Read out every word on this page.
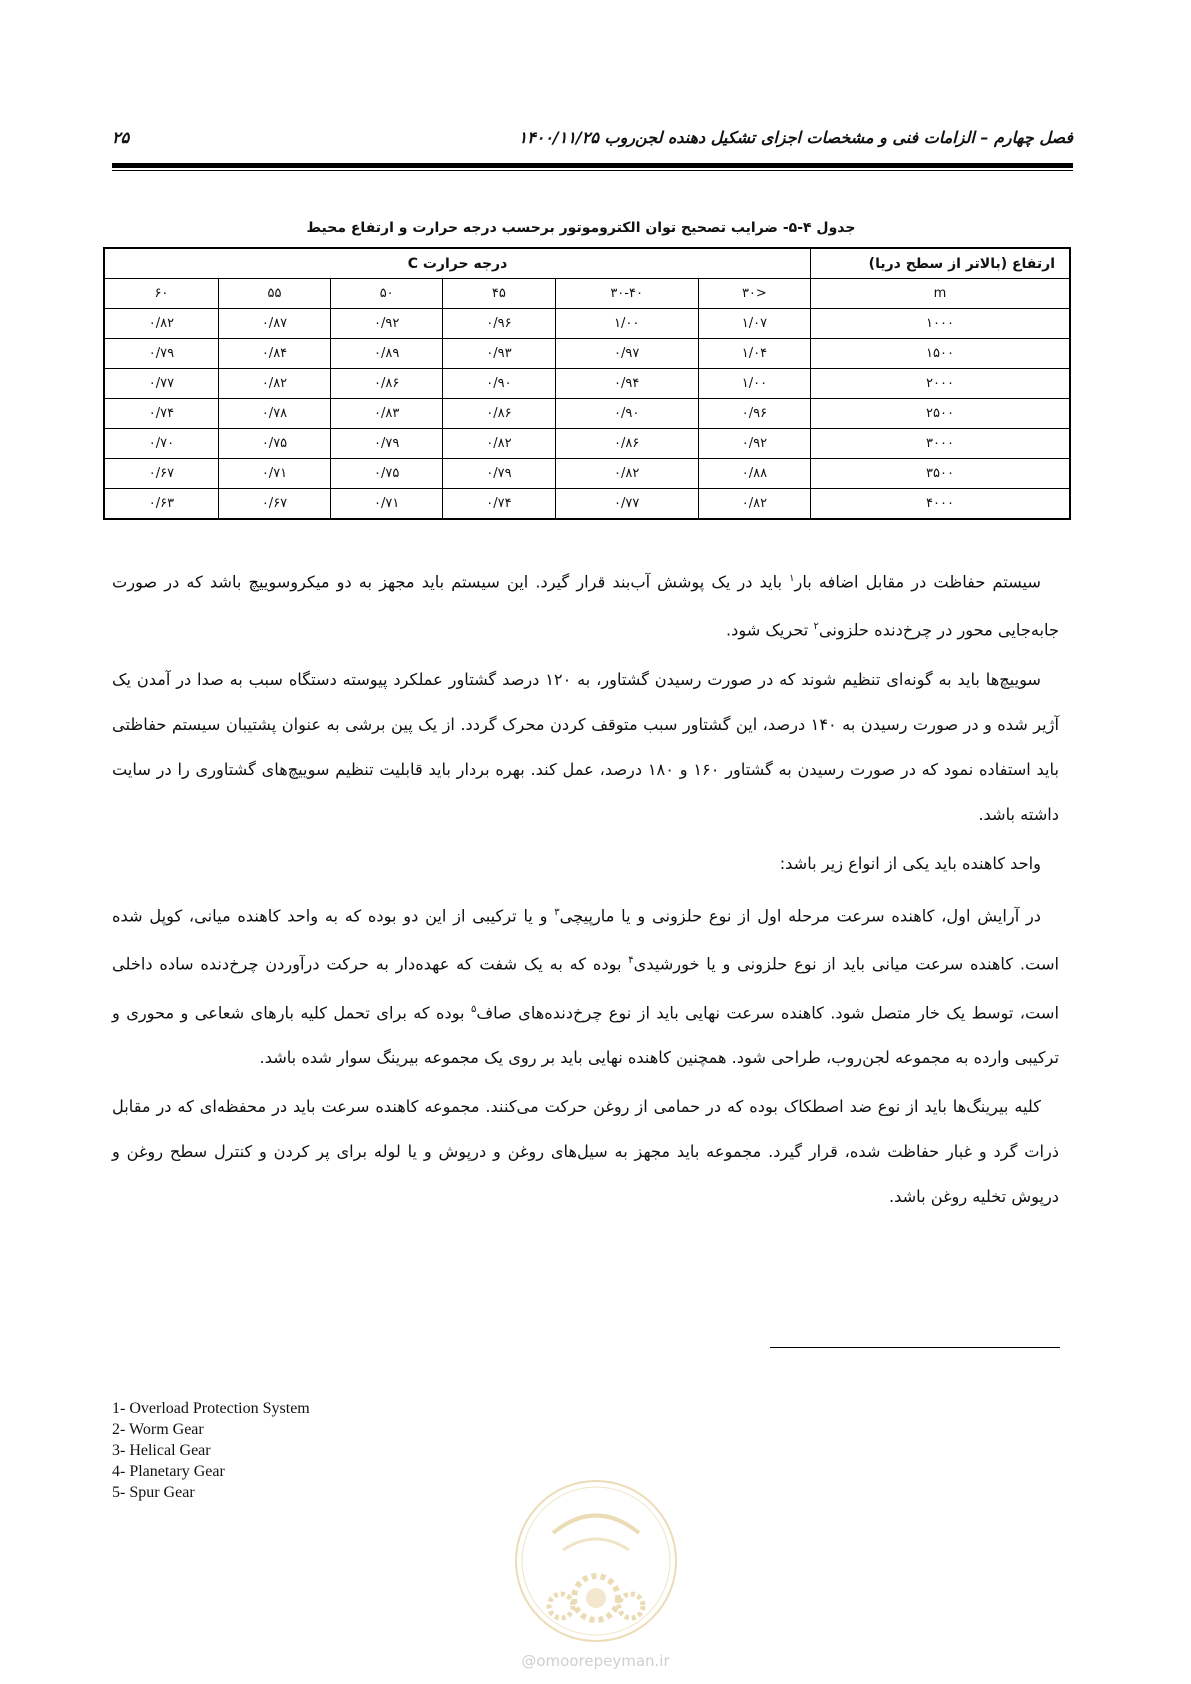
فصل چهارم – الزامات فنی و مشخصات اجزای تشکیل دهنده لجن‌روب ۱۴۰۰/۱۱/۲۵
۲۵
جدول ۴-۵- ضرایب تصحیح توان الکتروموتور برحسب درجه حرارت و ارتفاع محیط
ارتفاع (بالاتر از سطح دریا)	درجه حرارت C					
m	<۳۰	۳۰-۴۰	۴۵	۵۰	۵۵	۶۰
۱۰۰۰	۱/۰۷	۱/۰۰	۰/۹۶	۰/۹۲	۰/۸۷	۰/۸۲
۱۵۰۰	۱/۰۴	۰/۹۷	۰/۹۳	۰/۸۹	۰/۸۴	۰/۷۹
۲۰۰۰	۱/۰۰	۰/۹۴	۰/۹۰	۰/۸۶	۰/۸۲	۰/۷۷
۲۵۰۰	۰/۹۶	۰/۹۰	۰/۸۶	۰/۸۳	۰/۷۸	۰/۷۴
۳۰۰۰	۰/۹۲	۰/۸۶	۰/۸۲	۰/۷۹	۰/۷۵	۰/۷۰
۳۵۰۰	۰/۸۸	۰/۸۲	۰/۷۹	۰/۷۵	۰/۷۱	۰/۶۷
۴۰۰۰	۰/۸۲	۰/۷۷	۰/۷۴	۰/۷۱	۰/۶۷	۰/۶۳

سیستم حفاظت در مقابل اضافه بار$^۱$ باید در یک پوشش آب‌بند قرار گیرد. این سیستم باید مجهز به دو میکروسوییچ باشد که در صورت جابه‌جایی محور در چرخ‌دنده حلزونی$^۲$ تحریک شود.

سوییچ‌ها باید به گونه‌ای تنظیم شوند که در صورت رسیدن گشتاور، به ۱۲۰ درصد گشتاور عملکرد پیوسته دستگاه سبب به صدا در آمدن یک آژیر شده و در صورت رسیدن به ۱۴۰ درصد، این گشتاور سبب متوقف کردن محرک گردد. از یک پین برشی به عنوان پشتیبان سیستم حفاظتی باید استفاده نمود که در صورت رسیدن به گشتاور ۱۶۰ و ۱۸۰ درصد، عمل کند. بهره بردار باید قابلیت تنظیم سوییچ‌های گشتاوری را در سایت داشته باشد.

واحد کاهنده باید یکی از انواع زیر باشد:

در آرایش اول، کاهنده سرعت مرحله اول از نوع حلزونی و یا مارپیچی$^۳$ و یا ترکیبی از این دو بوده که به واحد کاهنده میانی، کوپل شده است. کاهنده سرعت میانی باید از نوع حلزونی و یا خورشیدی$^۴$ بوده که به یک شفت که عهده‌دار به حرکت درآوردن چرخ‌دنده ساده داخلی است، توسط یک خار متصل شود. کاهنده سرعت نهایی باید از نوع چرخ‌دنده‌های صاف$^۵$ بوده که برای تحمل کلیه بارهای شعاعی و محوری و ترکیبی وارده به مجموعه لجن‌روب، طراحی شود. همچنین کاهنده نهایی باید بر روی یک مجموعه بیرینگ سوار شده باشد.

کلیه بیرینگ‌ها باید از نوع ضد اصطکاک بوده که در حمامی از روغن حرکت می‌کنند. مجموعه کاهنده سرعت باید در محفظه‌ای که در مقابل ذرات گرد و غبار حفاظت شده، قرار گیرد. مجموعه باید مجهز به سیل‌های روغن و درپوش و یا لوله برای پر کردن و کنترل سطح روغن و درپوش تخلیه روغن باشد.

1- Overload Protection System
2- Worm Gear
3- Helical Gear
4- Planetary Gear
5- Spur Gear
@omoorepeyman.ir
